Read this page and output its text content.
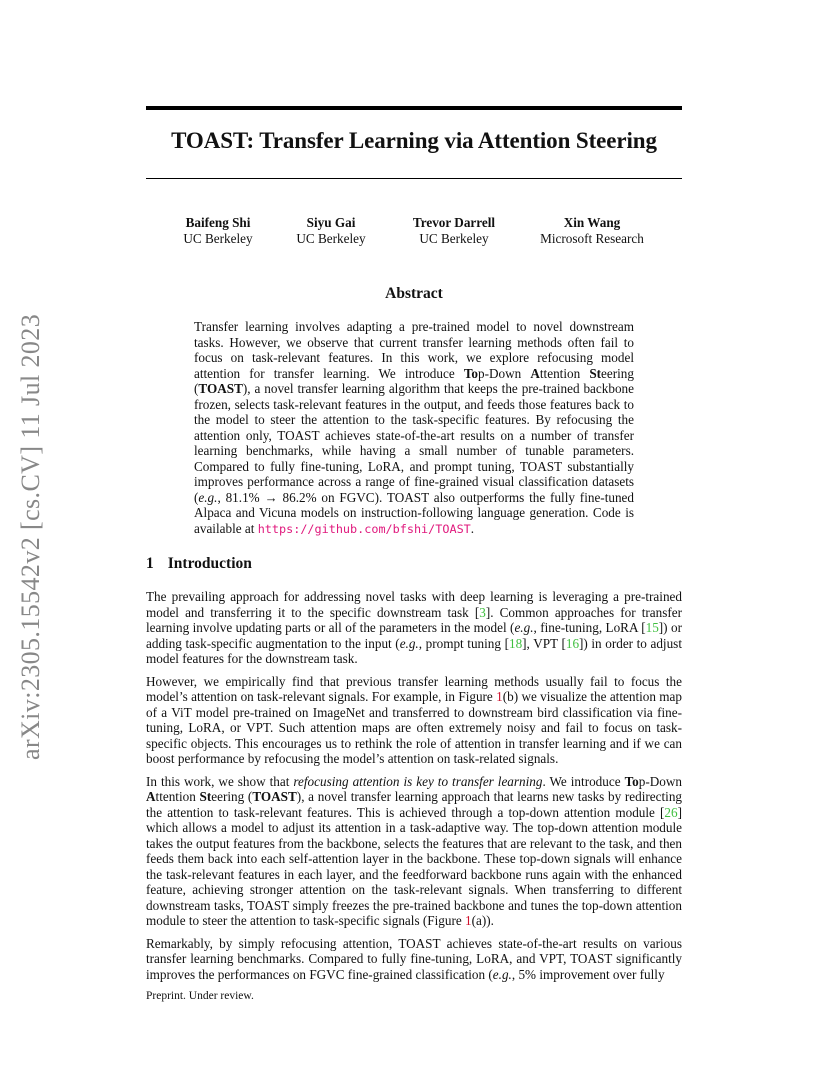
TOAST: Transfer Learning via Attention Steering
arXiv:2305.15542v2 [cs.CV] 11 Jul 2023
Baifeng Shi
UC Berkeley
Siyu Gai
UC Berkeley
Trevor Darrell
UC Berkeley
Xin Wang
Microsoft Research
Abstract
Transfer learning involves adapting a pre-trained model to novel downstream tasks. However, we observe that current transfer learning methods often fail to focus on task-relevant features. In this work, we explore refocusing model attention for transfer learning. We introduce Top-Down Attention Steering (TOAST), a novel transfer learning algorithm that keeps the pre-trained backbone frozen, selects task-relevant features in the output, and feeds those features back to the model to steer the attention to the task-specific features. By refocusing the attention only, TOAST achieves state-of-the-art results on a number of transfer learning benchmarks, while having a small number of tunable parameters. Compared to fully fine-tuning, LoRA, and prompt tuning, TOAST substantially improves performance across a range of fine-grained visual classification datasets (e.g., 81.1% → 86.2% on FGVC). TOAST also outperforms the fully fine-tuned Alpaca and Vicuna models on instruction-following language generation. Code is available at https://github.com/bfshi/TOAST.
1 Introduction

The prevailing approach for addressing novel tasks with deep learning is leveraging a pre-trained model and transferring it to the specific downstream task [3]. Common approaches for transfer learning involve updating parts or all of the parameters in the model (e.g., fine-tuning, LoRA [15]) or adding task-specific augmentation to the input (e.g., prompt tuning [18], VPT [16]) in order to adjust model features for the downstream task.

However, we empirically find that previous transfer learning methods usually fail to focus the model’s attention on task-relevant signals. For example, in Figure 1(b) we visualize the attention map of a ViT model pre-trained on ImageNet and transferred to downstream bird classification via fine-tuning, LoRA, or VPT. Such attention maps are often extremely noisy and fail to focus on task-specific objects. This encourages us to rethink the role of attention in transfer learning and if we can boost performance by refocusing the model’s attention on task-related signals.

In this work, we show that refocusing attention is key to transfer learning. We introduce Top-Down Attention Steering (TOAST), a novel transfer learning approach that learns new tasks by redirecting the attention to task-relevant features. This is achieved through a top-down attention module [26] which allows a model to adjust its attention in a task-adaptive way. The top-down attention module takes the output features from the backbone, selects the features that are relevant to the task, and then feeds them back into each self-attention layer in the backbone. These top-down signals will enhance the task-relevant features in each layer, and the feedforward backbone runs again with the enhanced feature, achieving stronger attention on the task-relevant signals. When transferring to different downstream tasks, TOAST simply freezes the pre-trained backbone and tunes the top-down attention module to steer the attention to task-specific signals (Figure 1(a)).

Remarkably, by simply refocusing attention, TOAST achieves state-of-the-art results on various transfer learning benchmarks. Compared to fully fine-tuning, LoRA, and VPT, TOAST significantly improves the performances on FGVC fine-grained classification (e.g., 5% improvement over fully

Preprint. Under review.
